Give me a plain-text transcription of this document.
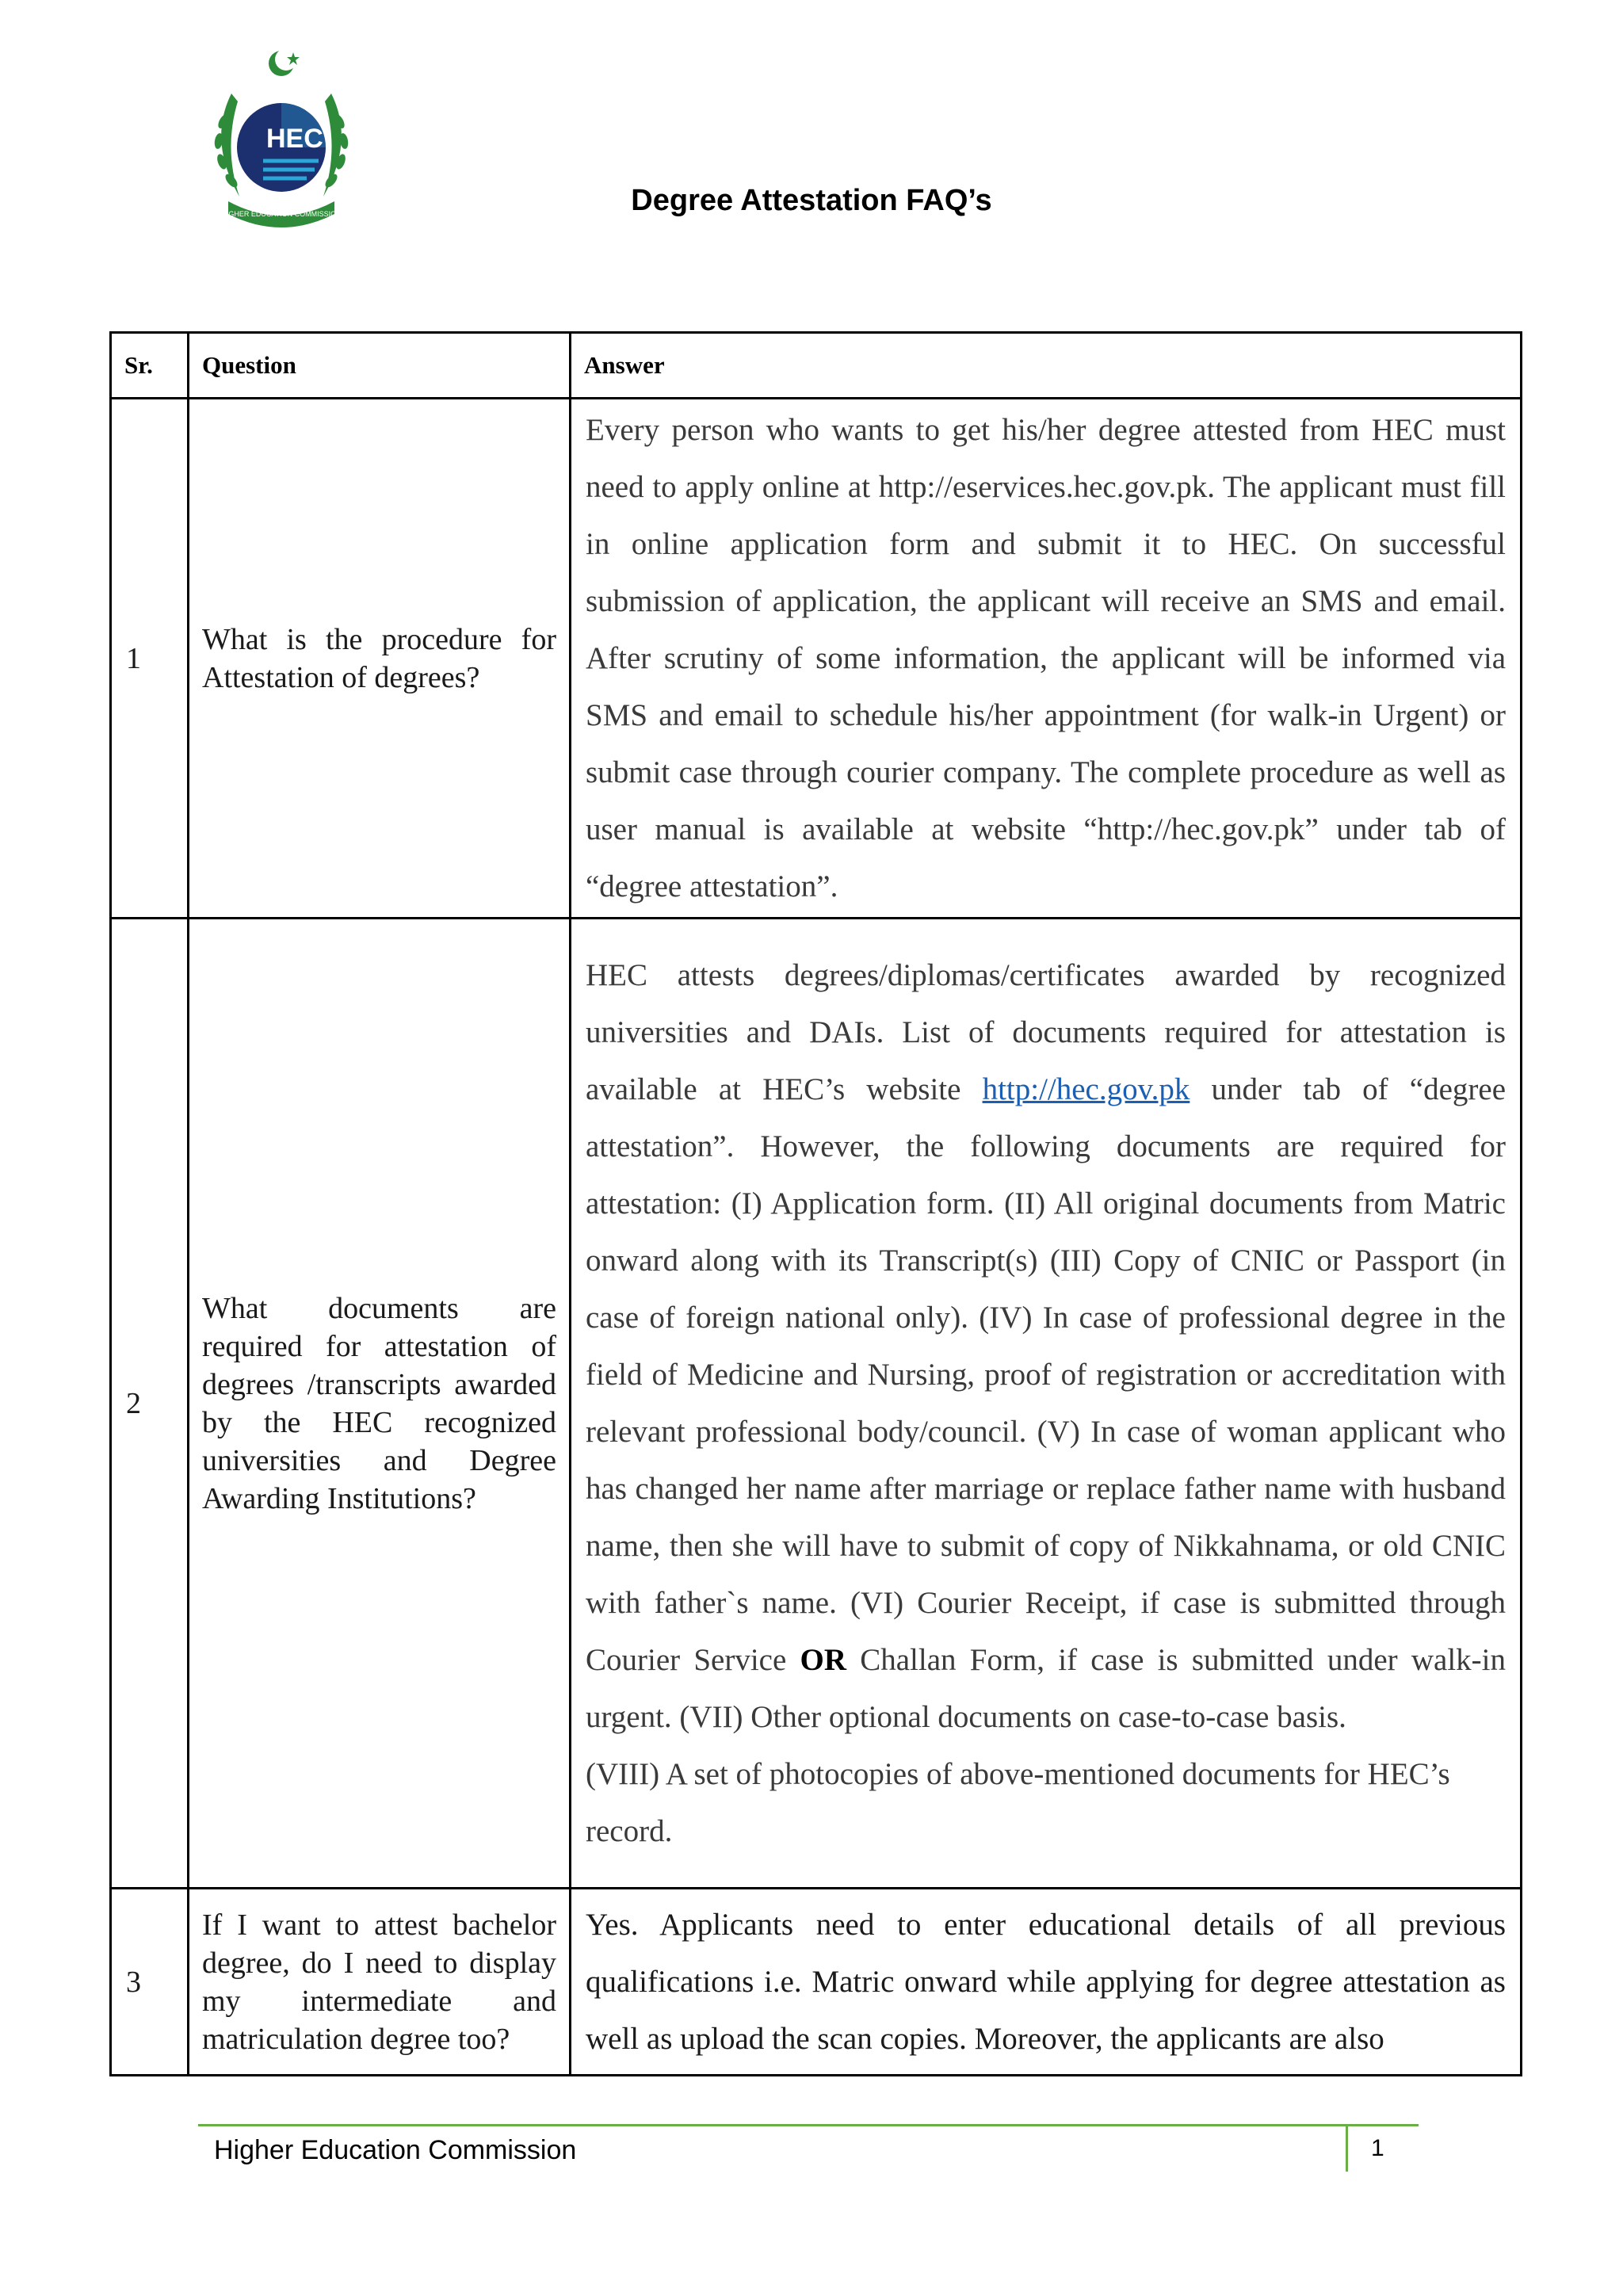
HEC
HIGHER EDUCATION COMMISSION	Degree Attestation FAQ’s
Sr.	Question	Answer
1	What is the procedure for Attestation of degrees?	Every person who wants to get his/her degree attested from HEC must need to apply online at http://eservices.hec.gov.pk. The applicant must fill in online application form and submit it to HEC. On successful submission of application, the applicant will receive an SMS and email. After scrutiny of some information, the applicant will be informed via SMS and email to schedule his/her appointment (for walk-in Urgent) or submit case through courier company. The complete procedure as well as user manual is available at website “http://hec.gov.pk” under tab of “degree attestation”.
2	What documents are required for attestation of degrees /transcripts awarded by the HEC recognized universities and Degree Awarding Institutions?	HEC attests degrees/diplomas/certificates awarded by recognized universities and DAIs. List of documents required for attestation is available at HEC’s website http://hec.gov.pk under tab of “degree attestation”. However, the following documents are required for attestation: (I) Application form. (II) All original documents from Matric onward along with its Transcript(s) (III) Copy of CNIC or Passport (in case of foreign national only). (IV) In case of professional degree in the field of Medicine and Nursing, proof of registration or accreditation with relevant professional body/council. (V) In case of woman applicant who has changed her name after marriage or replace father name with husband name, then she will have to submit of copy of Nikkahnama, or old CNIC with father`s name. (VI) Courier Receipt, if case is submitted through Courier Service OR Challan Form, if case is submitted under walk-in urgent. (VII) Other optional documents on case-to-case basis.

(VIII) A set of photocopies of above-mentioned documents for HEC’s record.

3	If I want to attest bachelor degree, do I need to display my intermediate and matriculation degree too?	Yes. Applicants need to enter educational details of all previous qualifications i.e. Matric onward while applying for degree attestation as well as upload the scan copies. Moreover, the applicants are also
Higher Education Commission	1
